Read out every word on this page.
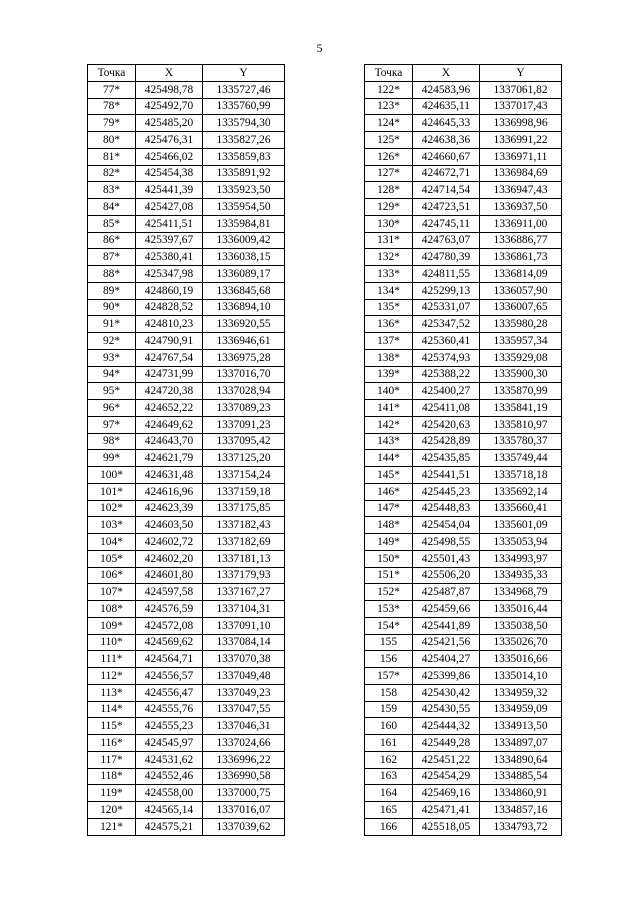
5
Точка	X	Y
77*	425498,78	1335727,46
78*	425492,70	1335760,99
79*	425485,20	1335794,30
80*	425476,31	1335827,26
81*	425466,02	1335859,83
82*	425454,38	1335891,92
83*	425441,39	1335923,50
84*	425427,08	1335954,50
85*	425411,51	1335984,81
86*	425397,67	1336009,42
87*	425380,41	1336038,15
88*	425347,98	1336089,17
89*	424860,19	1336845,68
90*	424828,52	1336894,10
91*	424810,23	1336920,55
92*	424790,91	1336946,61
93*	424767,54	1336975,28
94*	424731,99	1337016,70
95*	424720,38	1337028,94
96*	424652,22	1337089,23
97*	424649,62	1337091,23
98*	424643,70	1337095,42
99*	424621,79	1337125,20
100*	424631,48	1337154,24
101*	424616,96	1337159,18
102*	424623,39	1337175,85
103*	424603,50	1337182,43
104*	424602,72	1337182,69
105*	424602,20	1337181,13
106*	424601,80	1337179,93
107*	424597,58	1337167,27
108*	424576,59	1337104,31
109*	424572,08	1337091,10
110*	424569,62	1337084,14
111*	424564,71	1337070,38
112*	424556,57	1337049,48
113*	424556,47	1337049,23
114*	424555,76	1337047,55
115*	424555,23	1337046,31
116*	424545,97	1337024,66
117*	424531,62	1336996,22
118*	424552,46	1336990,58
119*	424558,00	1337000,75
120*	424565,14	1337016,07
121*	424575,21	1337039,62
Точка	X	Y
122*	424583,96	1337061,82
123*	424635,11	1337017,43
124*	424645,33	1336998,96
125*	424638,36	1336991,22
126*	424660,67	1336971,11
127*	424672,71	1336984,69
128*	424714,54	1336947,43
129*	424723,51	1336937,50
130*	424745,11	1336911,00
131*	424763,07	1336886,77
132*	424780,39	1336861,73
133*	424811,55	1336814,09
134*	425299,13	1336057,90
135*	425331,07	1336007,65
136*	425347,52	1335980,28
137*	425360,41	1335957,34
138*	425374,93	1335929,08
139*	425388,22	1335900,30
140*	425400,27	1335870,99
141*	425411,08	1335841,19
142*	425420,63	1335810,97
143*	425428,89	1335780,37
144*	425435,85	1335749,44
145*	425441,51	1335718,18
146*	425445,23	1335692,14
147*	425448,83	1335660,41
148*	425454,04	1335601,09
149*	425498,55	1335053,94
150*	425501,43	1334993,97
151*	425506,20	1334935,33
152*	425487,87	1334968,79
153*	425459,66	1335016,44
154*	425441,89	1335038,50
155	425421,56	1335026,70
156	425404,27	1335016,66
157*	425399,86	1335014,10
158	425430,42	1334959,32
159	425430,55	1334959,09
160	425444,32	1334913,50
161	425449,28	1334897,07
162	425451,22	1334890,64
163	425454,29	1334885,54
164	425469,16	1334860,91
165	425471,41	1334857,16
166	425518,05	1334793,72
